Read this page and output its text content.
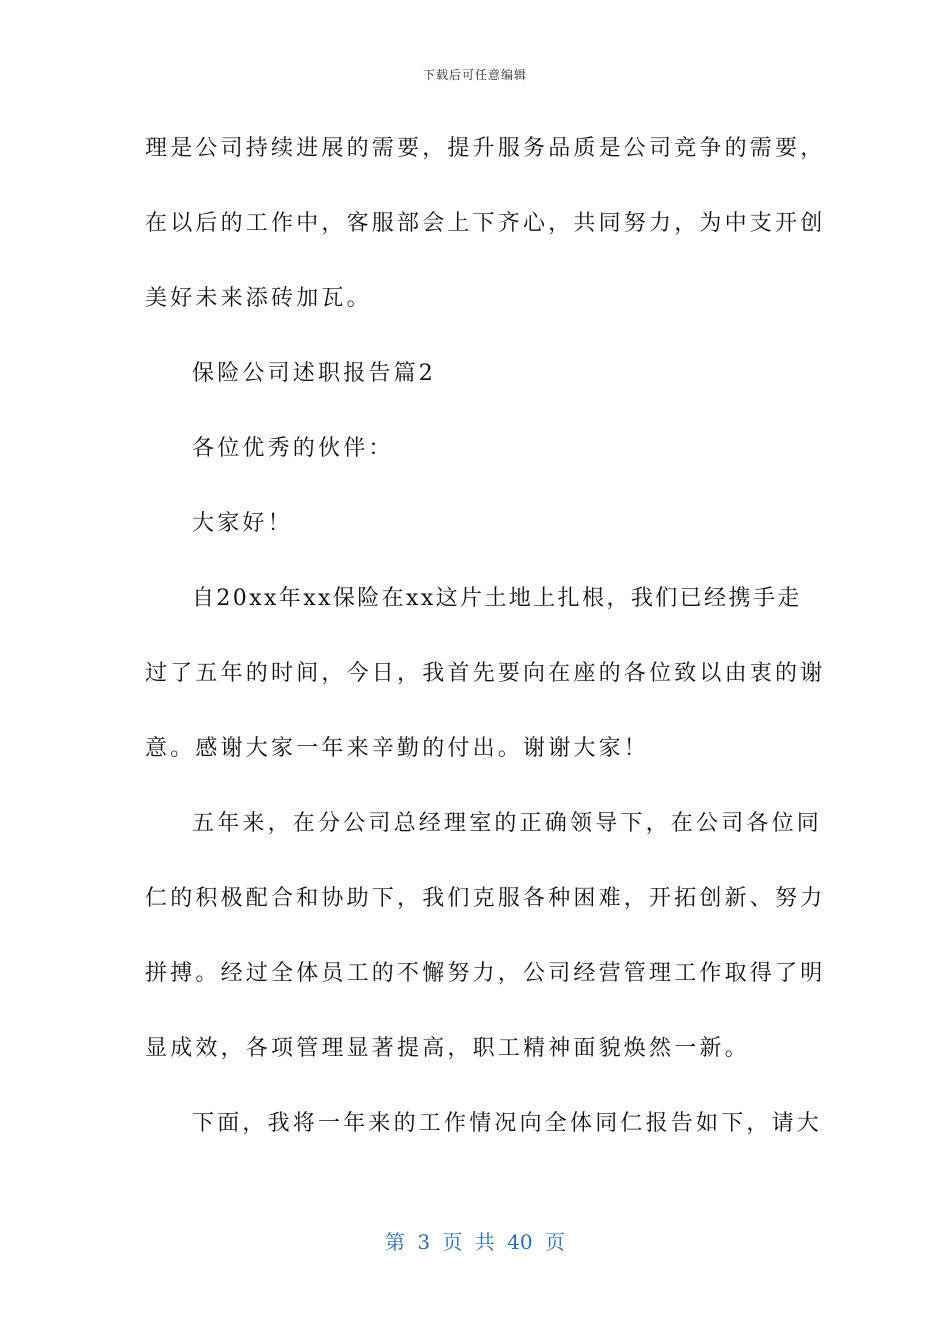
下载后可任意编辑
理是公司持续进展的需要，提升服务品质是公司竞争的需要，
在以后的工作中，客服部会上下齐心，共同努力，为中支开创
美好未来添砖加瓦。
保险公司述职报告篇2
各位优秀的伙伴：
大家好！
自20xx年xx保险在xx这片土地上扎根，我们已经携手走
过了五年的时间，今日，我首先要向在座的各位致以由衷的谢
意。感谢大家一年来辛勤的付出。谢谢大家！
五年来，在分公司总经理室的正确领导下，在公司各位同
仁的积极配合和协助下，我们克服各种困难，开拓创新、努力
拼搏。经过全体员工的不懈努力，公司经营管理工作取得了明
显成效，各项管理显著提高，职工精神面貌焕然一新。
下面，我将一年来的工作情况向全体同仁报告如下，请大
第 3 页 共 40 页
